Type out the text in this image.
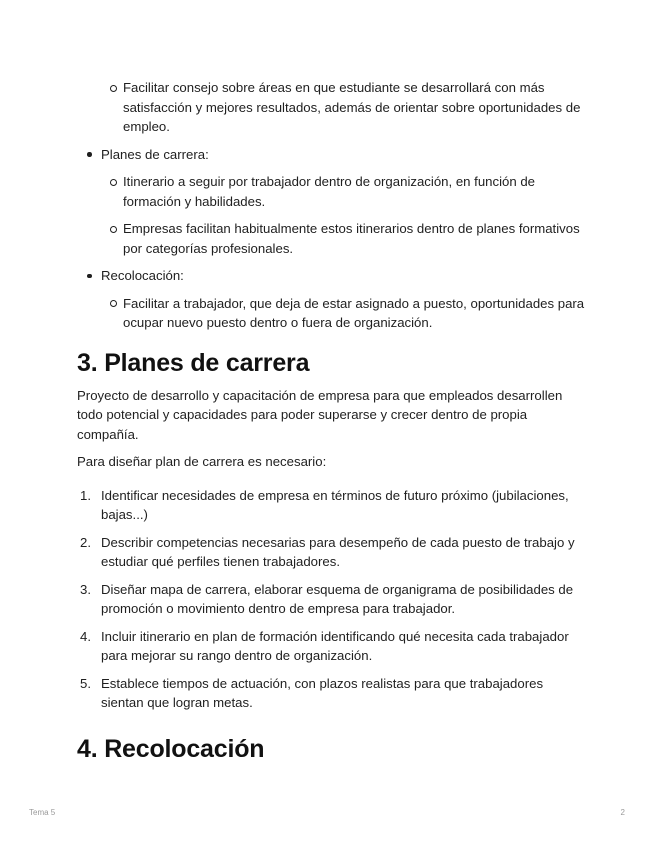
Facilitar consejo sobre áreas en que estudiante se desarrollará con más satisfacción y mejores resultados, además de orientar sobre oportunidades de empleo.
Planes de carrera:
Itinerario a seguir por trabajador dentro de organización, en función de formación y habilidades.
Empresas facilitan habitualmente estos itinerarios dentro de planes formativos por categorías profesionales.
Recolocación:
Facilitar a trabajador, que deja de estar asignado a puesto, oportunidades para ocupar nuevo puesto dentro o fuera de organización.
3. Planes de carrera

Proyecto de desarrollo y capacitación de empresa para que empleados desarrollen todo potencial y capacidades para poder superarse y crecer dentro de propia compañía.

Para diseñar plan de carrera es necesario:

1. Identificar necesidades de empresa en términos de futuro próximo (jubilaciones, bajas...)
2. Describir competencias necesarias para desempeño de cada puesto de trabajo y estudiar qué perfiles tienen trabajadores.
3. Diseñar mapa de carrera, elaborar esquema de organigrama de posibilidades de promoción o movimiento dentro de empresa para trabajador.
4. Incluir itinerario en plan de formación identificando qué necesita cada trabajador para mejorar su rango dentro de organización.
5. Establece tiempos de actuación, con plazos realistas para que trabajadores sientan que logran metas.
4. Recolocación
Tema 5	2
